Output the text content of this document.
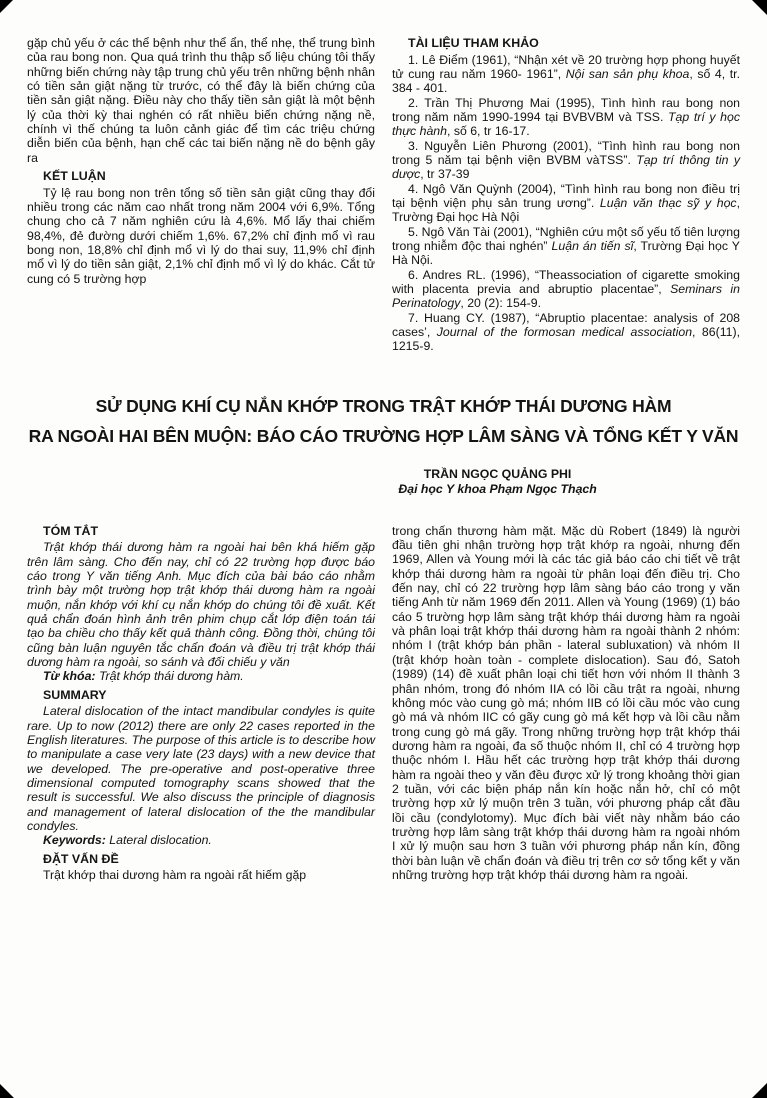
gặp chủ yếu ở các thể bệnh như thể ẩn, thể nhẹ, thể trung bình của rau bong non. Qua quá trình thu thập số liệu chúng tôi thấy những biến chứng này tập trung chủ yếu trên những bệnh nhân có tiền sản giật nặng từ trước, có thể đây là biến chứng của tiền sản giật nặng. Điều này cho thấy tiền sản giật là một bệnh lý của thời kỳ thai nghén có rất nhiều biến chứng nặng nề, chính vì thế chúng ta luôn cảnh giác để tìm các triệu chứng diễn biến của bệnh, hạn chế các tai biến nặng nề do bệnh gây ra

KẾT LUẬN

Tỷ lệ rau bong non trên tổng số tiền sản giật cũng thay đổi nhiều trong các năm cao nhất trong năm 2004 với 6,9%. Tổng chung cho cả 7 năm nghiên cứu là 4,6%. Mổ lấy thai chiếm 98,4%, đẻ đường dưới chiếm 1,6%. 67,2% chỉ định mổ vì rau bong non, 18,8% chỉ định mổ vì lý do thai suy, 11,9% chỉ định mổ vì lý do tiền sản giật, 2,1% chỉ định mổ vì lý do khác. Cắt tử cung có 5 trường hợp

TÀI LIỆU THAM KHẢO

1. Lê Điểm (1961), “Nhận xét về 20 trường hợp phong huyết tử cung rau năm 1960- 1961”, Nội san sản phụ khoa, số 4, tr. 384 - 401.

2. Trần Thị Phương Mai (1995), Tình hình rau bong non trong năm năm 1990-1994 tại BVBVBM và TSS. Tạp trí y học thực hành, số 6, tr 16-17.

3. Nguyễn Liên Phương (2001), “Tình hình rau bong non trong 5 năm tại bệnh viện BVBM vàTSS”. Tạp trí thông tin y dược, tr 37-39

4. Ngô Văn Quỳnh (2004), “Tình hình rau bong non điều trị tại bệnh viện phụ sản trung ương”. Luận văn thạc sỹ y học, Trường Đại học Hà Nội

5. Ngô Văn Tài (2001), “Nghiên cứu một số yếu tố tiên lượng trong nhiễm độc thai nghén” Luận án tiến sĩ, Trường Đại học Y Hà Nội.

6. Andres RL. (1996), “Theassociation of cigarette smoking with placenta previa and abruptio placentae”, Seminars in Perinatology, 20 (2): 154-9.

7. Huang CY. (1987), “Abruptio placentae: analysis of 208 cases’, Journal of the formosan medical association, 86(11), 1215-9.

SỬ DỤNG KHÍ CỤ NẮN KHỚP TRONG TRẬT KHỚP THÁI DƯƠNG HÀM
RA NGOÀI HAI BÊN MUỘN: BÁO CÁO TRƯỜNG HỢP LÂM SÀNG VÀ TỔNG KẾT Y VĂN
TRẦN NGỌC QUẢNG PHI
Đại học Y khoa Phạm Ngọc Thạch
TÓM TẮT

Trật khớp thái dương hàm ra ngoài hai bên khá hiếm gặp trên lâm sàng. Cho đến nay, chỉ có 22 trường hợp được báo cáo trong Y văn tiếng Anh. Mục đích của bài báo cáo nhằm trình bày một trường hợp trật khớp thái dương hàm ra ngoài muộn, nắn khớp với khí cụ nắn khớp do chúng tôi đề xuất. Kết quả chẩn đoán hình ảnh trên phim chụp cắt lớp điện toán tái tạo ba chiều cho thấy kết quả thành công. Đồng thời, chúng tôi cũng bàn luận nguyên tắc chẩn đoán và điều trị trật khớp thái dương hàm ra ngoài, so sánh và đối chiếu y văn

Từ khóa: Trật khớp thái dương hàm.

SUMMARY

Lateral dislocation of the intact mandibular condyles is quite rare. Up to now (2012) there are only 22 cases reported in the English literatures. The purpose of this article is to describe how to manipulate a case very late (23 days) with a new device that we developed. The pre-operative and post-operative three dimensional computed tomography scans showed that the result is successful. We also discuss the principle of diagnosis and management of lateral dislocation of the the mandibular condyles.

Keywords: Lateral dislocation.

ĐẶT VẤN ĐỀ

Trật khớp thai dương hàm ra ngoài rất hiếm gặp

trong chấn thương hàm mặt. Mặc dù Robert (1849) là người đầu tiên ghi nhận trường hợp trật khớp ra ngoài, nhưng đến 1969, Allen và Young mới là các tác giả báo cáo chi tiết về trật khớp thái dương hàm ra ngoài từ phân loại đến điều trị. Cho đến nay, chỉ có 22 trường hợp lâm sàng báo cáo trong y văn tiếng Anh từ năm 1969 đến 2011. Allen và Young (1969) (1) báo cáo 5 trường hợp lâm sàng trật khớp thái dương hàm ra ngoài và phân loại trật khớp thái dương hàm ra ngoài thành 2 nhóm: nhóm I (trật khớp bán phần - lateral subluxation) và nhóm II (trật khớp hoàn toàn - complete dislocation). Sau đó, Satoh (1989) (14) đề xuất phân loại chi tiết hơn với nhóm II thành 3 phân nhóm, trong đó nhóm IIA có lồi cầu trật ra ngoài, nhưng không móc vào cung gò má; nhóm IIB có lồi cầu móc vào cung gò má và nhóm IIC có gãy cung gò má kết hợp và lồi cầu nằm trong cung gò má gãy. Trong những trường hợp trật khớp thái dương hàm ra ngoài, đa số thuộc nhóm II, chỉ có 4 trường hợp thuộc nhóm I. Hầu hết các trường hợp trật khớp thái dương hàm ra ngoài theo y văn đều được xử lý trong khoảng thời gian 2 tuần, với các biện pháp nắn kín hoặc nắn hở, chỉ có một trường hợp xử lý muộn trên 3 tuần, với phương pháp cắt đầu lồi cầu (condylotomy). Mục đích bài viết này nhằm báo cáo trường hợp lâm sàng trật khớp thái dương hàm ra ngoài nhóm I xử lý muộn sau hơn 3 tuần với phương pháp nắn kín, đồng thời bàn luận về chẩn đoán và điều trị trên cơ sở tổng kết y văn những trường hợp trật khớp thái dương hàm ra ngoài.
